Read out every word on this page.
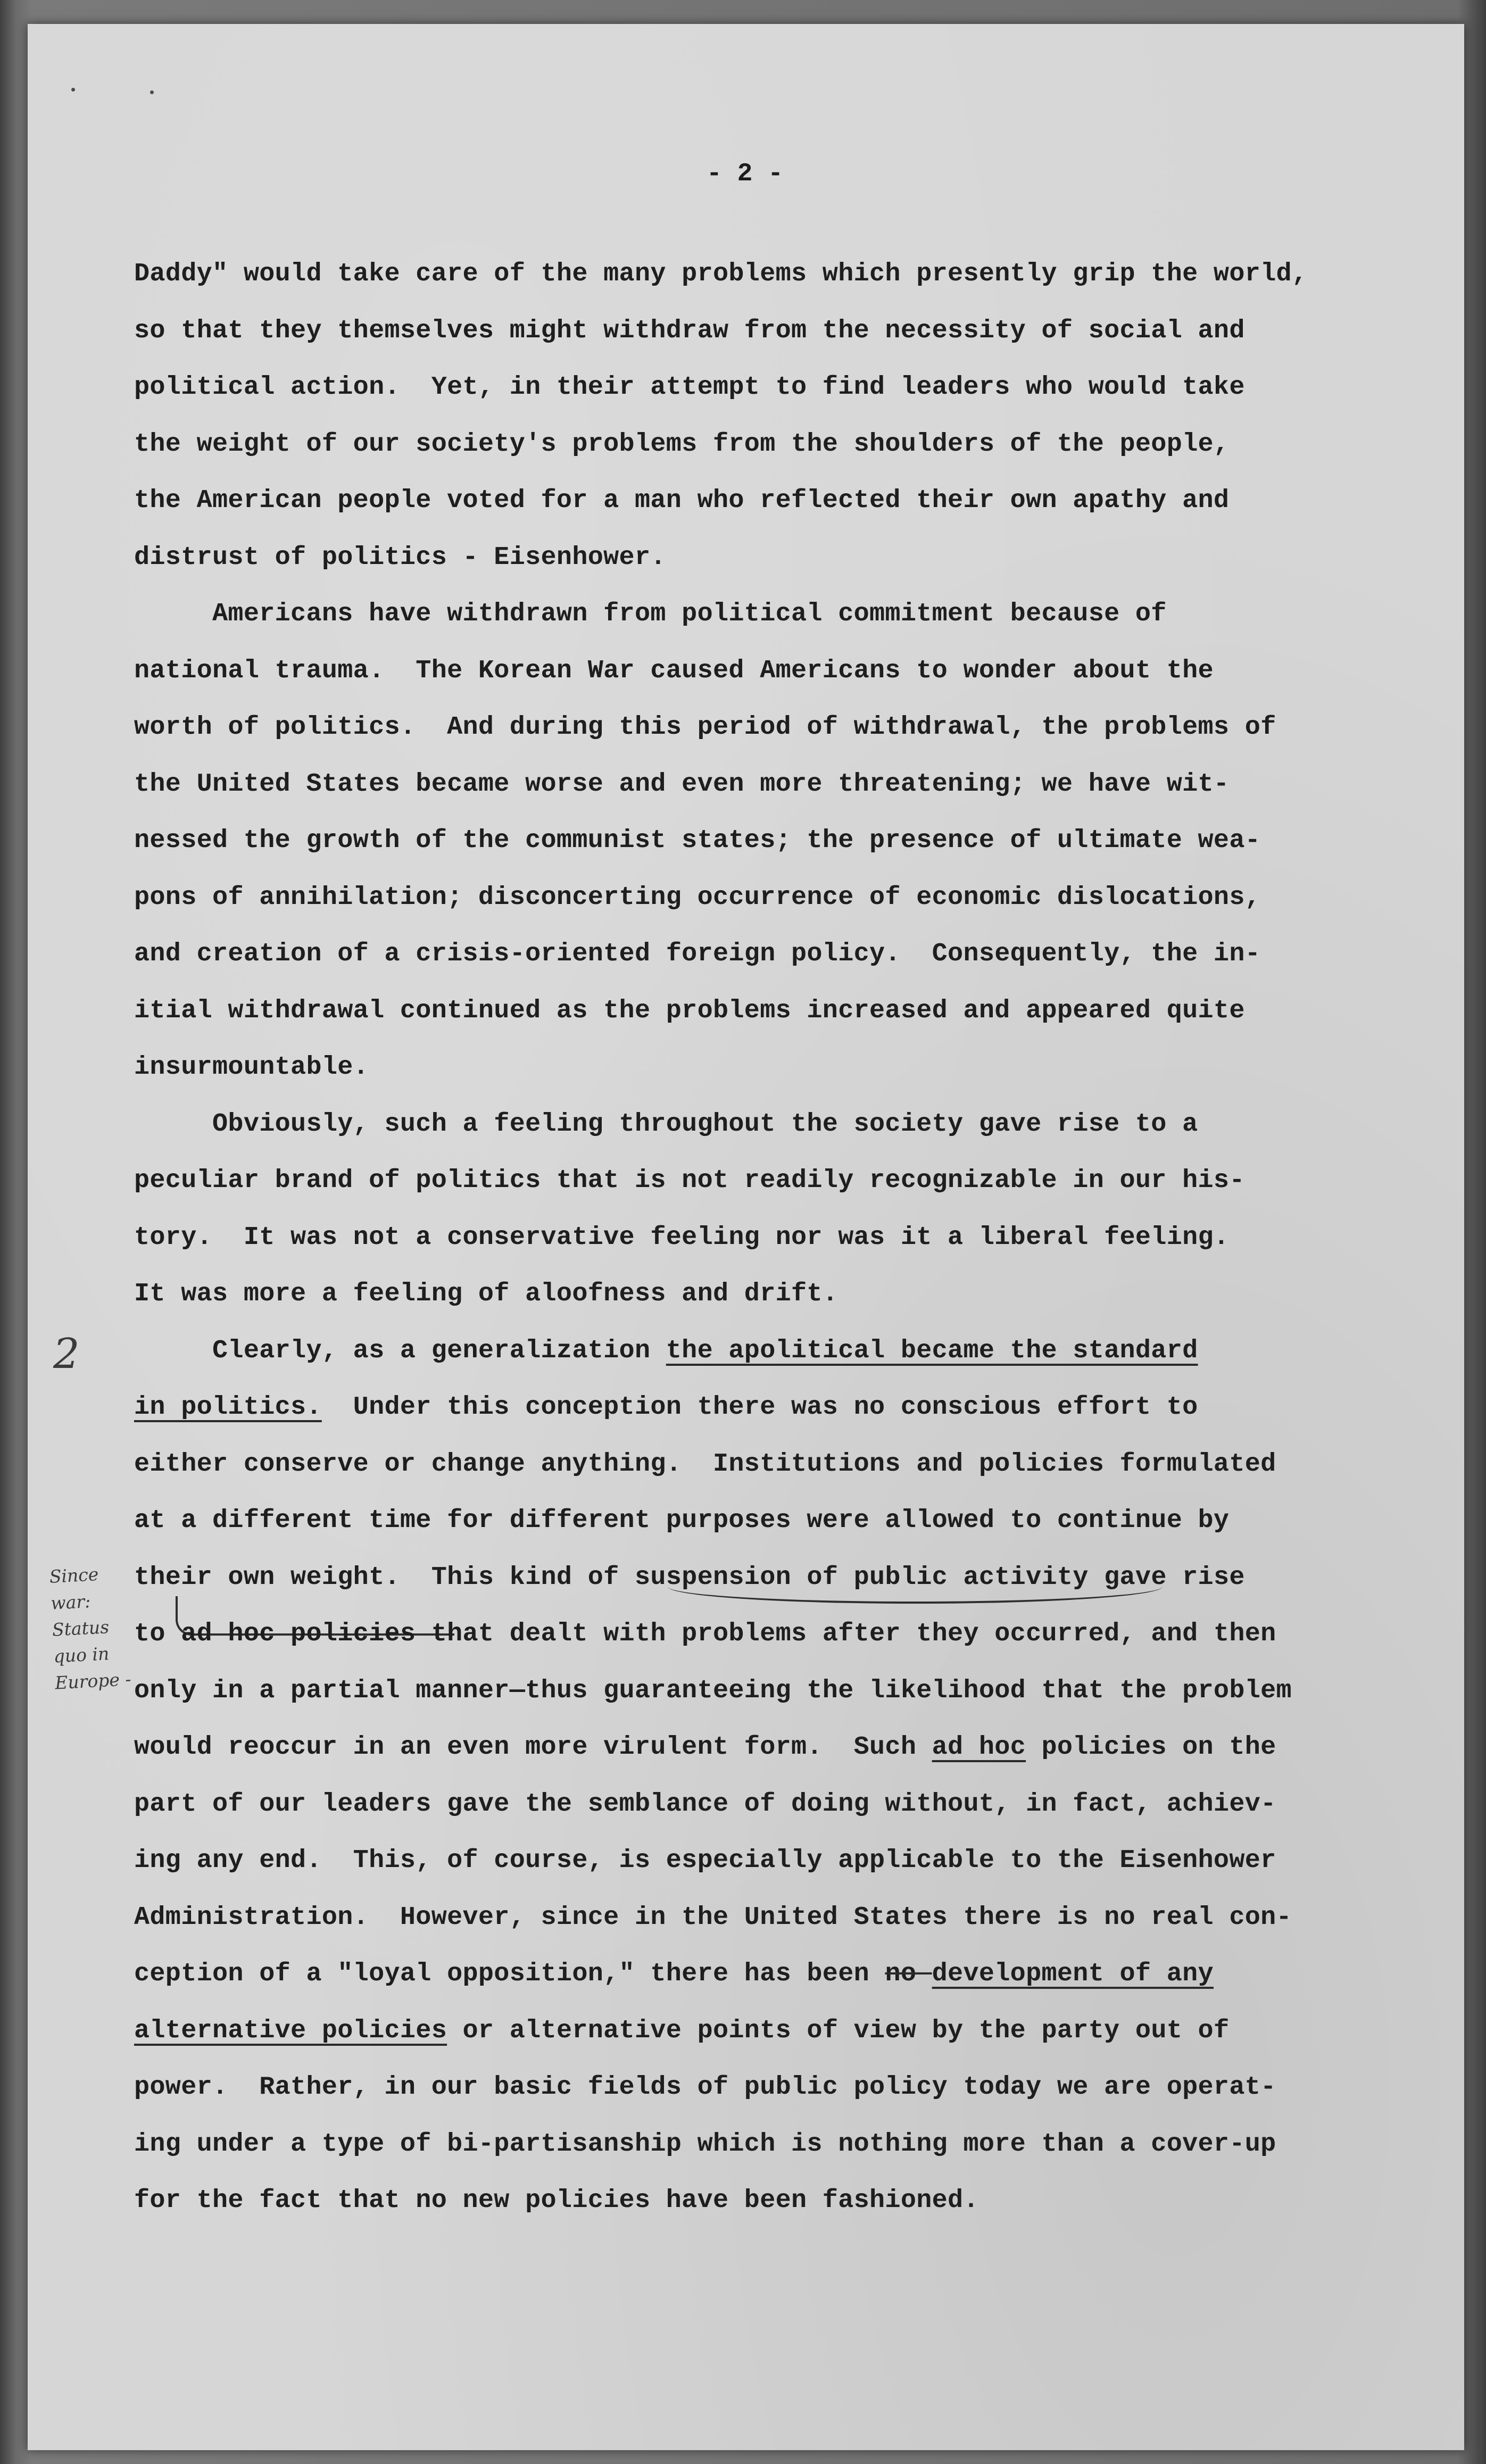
- 2 -
2
Since
war:
Status
quo in
Europe -
Daddy" would take care of the many problems which presently grip the world,
so that they themselves might withdraw from the necessity of social and
political action.  Yet, in their attempt to find leaders who would take
the weight of our society's problems from the shoulders of the people,
the American people voted for a man who reflected their own apathy and
distrust of politics - Eisenhower.
Americans have withdrawn from political commitment because of
national trauma.  The Korean War caused Americans to wonder about the
worth of politics.  And during this period of withdrawal, the problems of
the United States became worse and even more threatening; we have wit-
nessed the growth of the communist states; the presence of ultimate wea-
pons of annihilation; disconcerting occurrence of economic dislocations,
and creation of a crisis-oriented foreign policy.  Consequently, the in-
itial withdrawal continued as the problems increased and appeared quite
insurmountable.
Obviously, such a feeling throughout the society gave rise to a
peculiar brand of politics that is not readily recognizable in our his-
tory.  It was not a conservative feeling nor was it a liberal feeling.
It was more a feeling of aloofness and drift.
Clearly, as a generalization the apolitical became the standard
in politics.  Under this conception there was no conscious effort to
either conserve or change anything.  Institutions and policies formulated
at a different time for different purposes were allowed to continue by
their own weight.  This kind of suspension of public activity gave rise
to ad hoc policies that dealt with problems after they occurred, and then
only in a partial manner—thus guaranteeing the likelihood that the problem
would reoccur in an even more virulent form.  Such ad hoc policies on the
part of our leaders gave the semblance of doing without, in fact, achiev-
ing any end.  This, of course, is especially applicable to the Eisenhower
Administration.  However, since in the United States there is no real con-
ception of a "loyal opposition," there has been no development of any
alternative policies or alternative points of view by the party out of
power.  Rather, in our basic fields of public policy today we are operat-
ing under a type of bi-partisanship which is nothing more than a cover-up
for the fact that no new policies have been fashioned.
